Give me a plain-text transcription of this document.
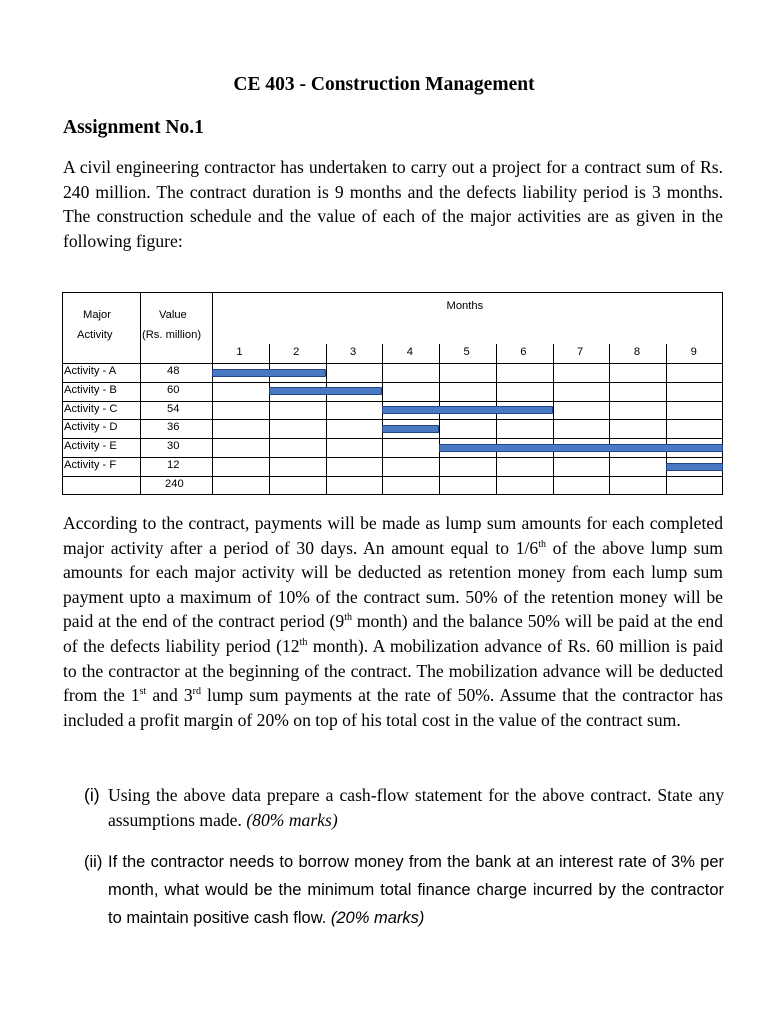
CE 403 - Construction Management
Assignment No.1
A civil engineering contractor has undertaken to carry out a project for a contract sum of Rs. 240 million. The contract duration is 9 months and the defects liability period is 3 months. The construction schedule and the value of each of the major activities are as given in the following figure:
Major
Activity
Value
(Rs. million)
Months
1	2	3	4	5	6	7	8	9
Activity - A	48
Activity - B	60
Activity - C	54
Activity - D	36
Activity - E	30
Activity - F	12
240
According to the contract, payments will be made as lump sum amounts for each completed major activity after a period of 30 days. An amount equal to 1/6th of the above lump sum amounts for each major activity will be deducted as retention money from each lump sum payment upto a maximum of 10% of the contract sum. 50% of the retention money will be paid at the end of the contract period (9th month) and the balance 50% will be paid at the end of the defects liability period (12th month). A mobilization advance of Rs. 60 million is paid to the contractor at the beginning of the contract. The mobilization advance will be deducted from the 1st and 3rd lump sum payments at the rate of 50%. Assume that the contractor has included a profit margin of 20% on top of his total cost in the value of the contract sum.
(i) Using the above data prepare a cash-flow statement for the above contract. State any assumptions made. (80% marks)
(ii) If the contractor needs to borrow money from the bank at an interest rate of 3% per month, what would be the minimum total finance charge incurred by the contractor to maintain positive cash flow. (20% marks)
